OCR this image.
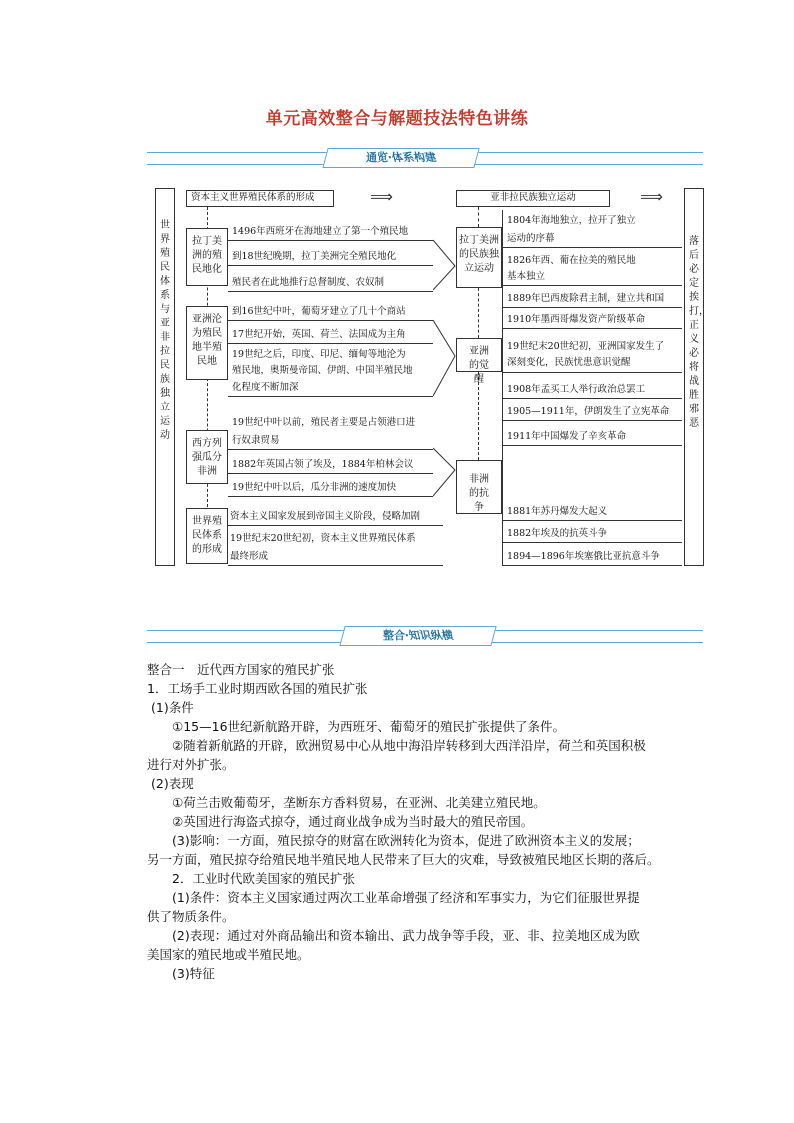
单元高效整合与解题技法特色讲练
通览·体系构建
世界殖民体系与亚非拉民族独立运动
落后必定挨打，正义必将战胜邪恶
资本主义世界殖民体系的形成	⟹	亚非拉民族独立运动	⟹
拉丁美洲的殖民地化
亚洲沦为殖民地半殖民地
西方列强瓜分非洲
世界殖民体系的形成
1496年西班牙在海地建立了第一个殖民地
到18世纪晚期，拉丁美洲完全殖民地化
殖民者在此地推行总督制度、农奴制
到16世纪中叶，葡萄牙建立了几十个商站
17世纪开始，英国、荷兰、法国成为主角
19世纪之后，印度、印尼、缅甸等地沦为
殖民地，奥斯曼帝国、伊朗、中国半殖民地
化程度不断加深
19世纪中叶以前，殖民者主要是占领港口进
行奴隶贸易
1882年英国占领了埃及，1884年柏林会议
19世纪中叶以后，瓜分非洲的速度加快
资本主义国家发展到帝国主义阶段，侵略加剧
19世纪末20世纪初，资本主义世界殖民体系
最终形成
拉丁美洲的民族独立运动
亚洲的觉醒
非洲的抗争
1804年海地独立，拉开了独立
运动的序幕
1826年西、葡在拉美的殖民地
基本独立
1889年巴西废除君主制，建立共和国
1910年墨西哥爆发资产阶级革命
19世纪末20世纪初，亚洲国家发生了
深刻变化，民族忧患意识觉醒
1908年孟买工人举行政治总罢工
1905—1911年，伊朗发生了立宪革命
1911年中国爆发了辛亥革命
1881年苏丹爆发大起义
1882年埃及的抗英斗争
1894—1896年埃塞俄比亚抗意斗争
整合·知识纵横

整合一　近代西方国家的殖民扩张

1．工场手工业时期西欧各国的殖民扩张

(1)条件

①15—16世纪新航路开辟，为西班牙、葡萄牙的殖民扩张提供了条件。

②随着新航路的开辟，欧洲贸易中心从地中海沿岸转移到大西洋沿岸，荷兰和英国积极

进行对外扩张。

(2)表现

①荷兰击败葡萄牙，垄断东方香料贸易，在亚洲、北美建立殖民地。

②英国进行海盗式掠夺，通过商业战争成为当时最大的殖民帝国。

(3)影响：一方面，殖民掠夺的财富在欧洲转化为资本，促进了欧洲资本主义的发展；

另一方面，殖民掠夺给殖民地半殖民地人民带来了巨大的灾难，导致被殖民地区长期的落后。

2．工业时代欧美国家的殖民扩张

(1)条件：资本主义国家通过两次工业革命增强了经济和军事实力，为它们征服世界提

供了物质条件。

(2)表现：通过对外商品输出和资本输出、武力战争等手段，亚、非、拉美地区成为欧

美国家的殖民地或半殖民地。

(3)特征
